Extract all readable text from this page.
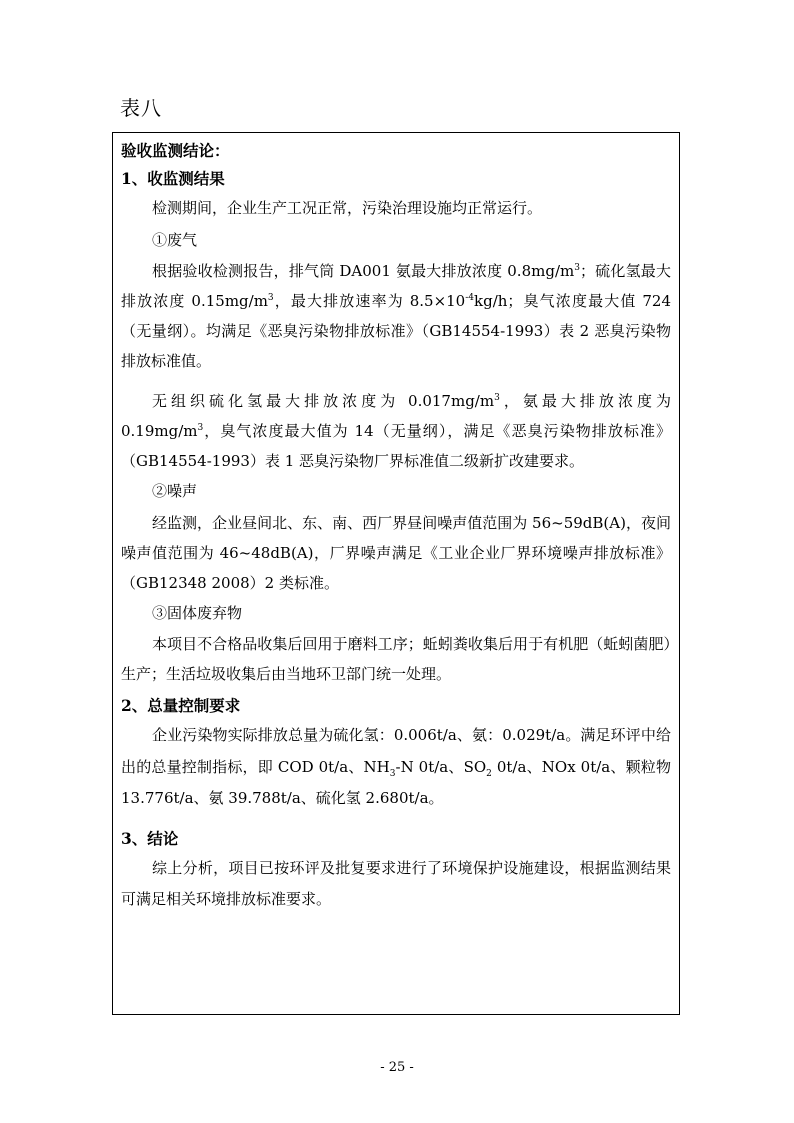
表八
验收监测结论：
1、收监测结果

检测期间，企业生产工况正常，污染治理设施均正常运行。

①废气

根据验收检测报告，排气筒 DA001 氨最大排放浓度 $0.8mg/m^3$；硫化氢最大排放浓度 $0.15mg/m^3$，最大排放速率为 $8.5\times 10^{-4}kg/h$；臭气浓度最大值 724（无量纲）。均满足《恶臭污染物排放标准》（GB14554-1993）表 2 恶臭污染物排放标准值。

无组织硫化氢最大排放浓度为 $0.017mg/m^3$，氨最大排放浓度为 $0.19mg/m^3$，臭气浓度最大值为 14（无量纲），满足《恶臭污染物排放标准》（GB14554-1993）表 1 恶臭污染物厂界标准值二级新扩改建要求。

②噪声

经监测，企业昼间北、东、南、西厂界昼间噪声值范围为 56~59dB(A)，夜间噪声值范围为 46~48dB(A)，厂界噪声满足《工业企业厂界环境噪声排放标准》（GB12348 2008）2 类标准。

③固体废弃物

本项目不合格品收集后回用于磨料工序；蚯蚓粪收集后用于有机肥（蚯蚓菌肥）生产；生活垃圾收集后由当地环卫部门统一处理。

2、总量控制要求

企业污染物实际排放总量为硫化氢：0.006t/a、氨：0.029t/a。满足环评中给出的总量控制指标，即 COD 0t/a、$NH_3-N$ 0t/a、$SO_2$ 0t/a、NOx 0t/a、颗粒物 13.776t/a、氨 39.788t/a、硫化氢 2.680t/a。

3、结论

综上分析，项目已按环评及批复要求进行了环境保护设施建设，根据监测结果可满足相关环境排放标准要求。

- 25 -
